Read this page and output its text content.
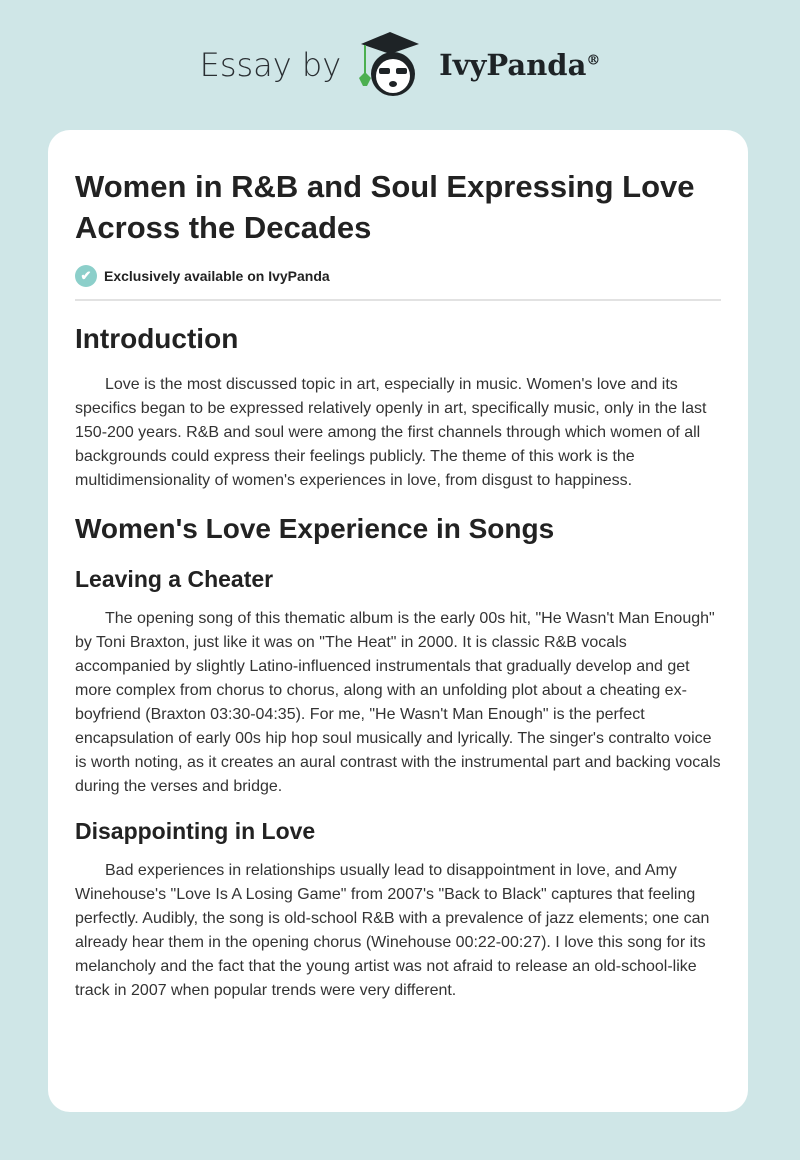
Essay by	IvyPanda®
Women in R&B and Soul Expressing Love Across the Decades
✔ Exclusively available on IvyPanda
Introduction

Love is the most discussed topic in art, especially in music. Women's love and its specifics began to be expressed relatively openly in art, specifically music, only in the last 150-200 years. R&B and soul were among the first channels through which women of all backgrounds could express their feelings publicly. The theme of this work is the multidimensionality of women's experiences in love, from disgust to happiness.

Women's Love Experience in Songs
Leaving a Cheater

The opening song of this thematic album is the early 00s hit, "He Wasn't Man Enough" by Toni Braxton, just like it was on "The Heat" in 2000. It is classic R&B vocals accompanied by slightly Latino-influenced instrumentals that gradually develop and get more complex from chorus to chorus, along with an unfolding plot about a cheating ex-boyfriend (Braxton 03:30-04:35). For me, "He Wasn't Man Enough" is the perfect encapsulation of early 00s hip hop soul musically and lyrically. The singer's contralto voice is worth noting, as it creates an aural contrast with the instrumental part and backing vocals during the verses and bridge.

Disappointing in Love

Bad experiences in relationships usually lead to disappointment in love, and Amy Winehouse's "Love Is A Losing Game" from 2007's "Back to Black" captures that feeling perfectly. Audibly, the song is old-school R&B with a prevalence of jazz elements; one can already hear them in the opening chorus (Winehouse 00:22-00:27). I love this song for its melancholy and the fact that the young artist was not afraid to release an old-school-like track in 2007 when popular trends were very different.
